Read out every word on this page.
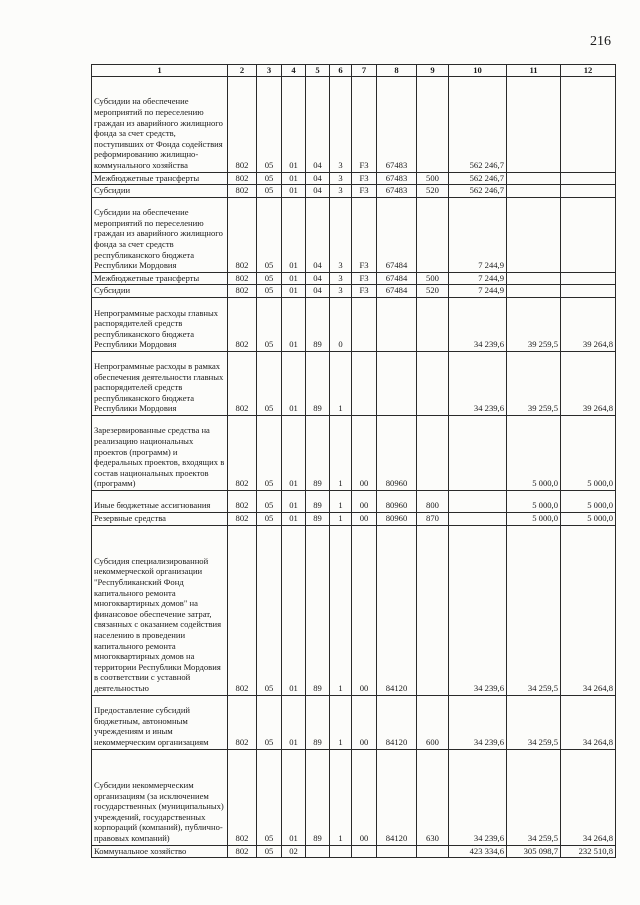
216
1	2	3	4	5	6	7	8	9	10	11	12
Субсидии на обеспечение мероприятий по переселению граждан из аварийного жилищного фонда за счет средств, поступивших от Фонда содействия реформированию жилищно-коммунального хозяйства	802	05	01	04	3	F3	67483		562 246,7		
Межбюджетные трансферты	802	05	01	04	3	F3	67483	500	562 246,7		
Субсидии	802	05	01	04	3	F3	67483	520	562 246,7		
Субсидии на обеспечение мероприятий по переселению граждан из аварийного жилищного фонда за счет средств республиканского бюджета Республики Мордовия	802	05	01	04	3	F3	67484		7 244,9		
Межбюджетные трансферты	802	05	01	04	3	F3	67484	500	7 244,9		
Субсидии	802	05	01	04	3	F3	67484	520	7 244,9		
Непрограммные расходы главных распорядителей средств республиканского бюджета Республики Мордовия	802	05	01	89	0				34 239,6	39 259,5	39 264,8
Непрограммные расходы в рамках обеспечения деятельности главных распорядителей средств республиканского бюджета Республики Мордовия	802	05	01	89	1				34 239,6	39 259,5	39 264,8
Зарезервированные средства на реализацию национальных проектов (программ) и федеральных проектов, входящих в состав национальных проектов (программ)	802	05	01	89	1	00	80960			5 000,0	5 000,0
Иные бюджетные ассигнования	802	05	01	89	1	00	80960	800		5 000,0	5 000,0
Резервные средства	802	05	01	89	1	00	80960	870		5 000,0	5 000,0
Субсидия специализированной некоммерческой организации "Республиканский Фонд капитального ремонта многоквартирных домов" на финансовое обеспечение затрат, связанных с оказанием содействия населению в проведении капитального ремонта многоквартирных домов на территории Республики Мордовия в соответствии с уставной деятельностью	802	05	01	89	1	00	84120		34 239,6	34 259,5	34 264,8
Предоставление субсидий бюджетным, автономным учреждениям и иным некоммерческим организациям	802	05	01	89	1	00	84120	600	34 239,6	34 259,5	34 264,8
Субсидии некоммерческим организациям (за исключением государственных (муниципальных) учреждений, государственных корпораций (компаний), публично-правовых компаний)	802	05	01	89	1	00	84120	630	34 239,6	34 259,5	34 264,8
Коммунальное хозяйство	802	05	02						423 334,6	305 098,7	232 510,8
